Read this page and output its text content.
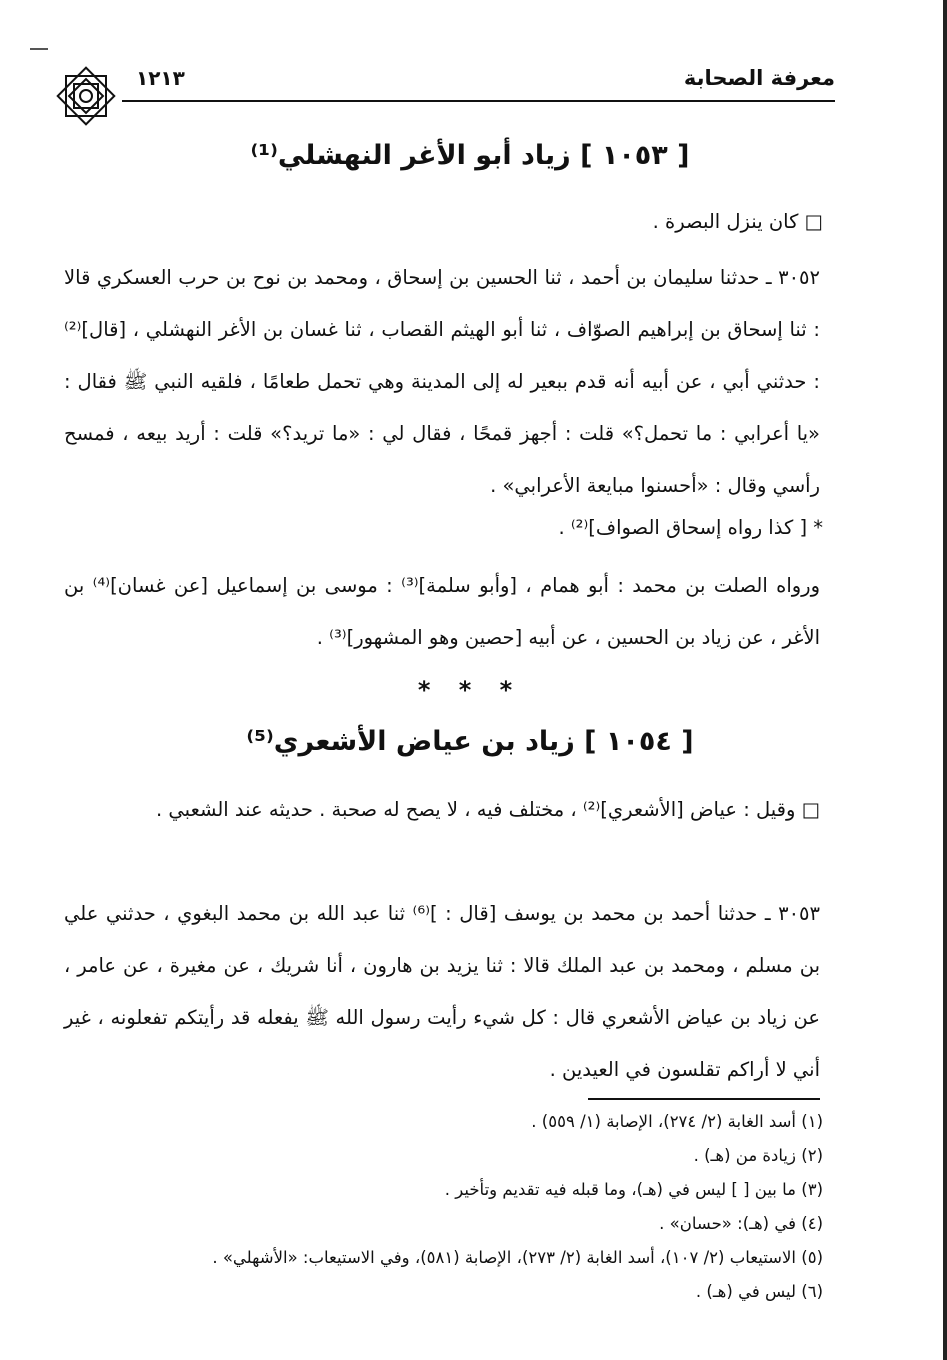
معرفة الصحابة
١٢١٣
[ ١٠٥٣ ] زياد أبو الأغر النهشلي⁽¹⁾
□ كان ينزل البصرة .
٣٠٥٢ ـ حدثنا سليمان بن أحمد ، ثنا الحسين بن إسحاق ، ومحمد بن نوح بن حرب العسكري قالا : ثنا إسحاق بن إبراهيم الصوّاف ، ثنا أبو الهيثم القصاب ، ثنا غسان بن الأغر النهشلي ، [قال]⁽²⁾ : حدثني أبي ، عن أبيه أنه قدم ببعير له إلى المدينة وهي تحمل طعامًا ، فلقيه النبي ﷺ فقال : «يا أعرابي : ما تحمل؟» قلت : أجهز قمحًا ، فقال لي : «ما تريد؟» قلت : أريد بيعه ، فمسح رأسي وقال : «أحسنوا مبايعة الأعرابي» .
* [ كذا رواه إسحاق الصواف]⁽²⁾ .
ورواه الصلت بن محمد : أبو همام ، [وأبو سلمة]⁽³⁾ : موسى بن إسماعيل [عن غسان]⁽⁴⁾ بن الأغر ، عن زياد بن الحسين ، عن أبيه [حصين وهو المشهور]⁽³⁾ .
* * *
[ ١٠٥٤ ] زياد بن عياض الأشعري⁽⁵⁾
□ وقيل : عياض [الأشعري]⁽²⁾ ، مختلف فيه ، لا يصح له صحبة . حديثه عند الشعبي .
٣٠٥٣ ـ حدثنا أحمد بن محمد بن يوسف [قال : ]⁽⁶⁾ ثنا عبد الله بن محمد البغوي ، حدثني علي بن مسلم ، ومحمد بن عبد الملك قالا : ثنا يزيد بن هارون ، أنا شريك ، عن مغيرة ، عن عامر ، عن زياد بن عياض الأشعري قال : كل شيء رأيت رسول الله ﷺ يفعله قد رأيتكم تفعلونه ، غير أني لا أراكم تقلسون في العيدين .
(١) أسد الغابة (٢/ ٢٧٤)، الإصابة (١/ ٥٥٩) .
(٢) زيادة من (هـ) .
(٣) ما بين [ ] ليس في (هـ)، وما قبله فيه تقديم وتأخير .
(٤) في (هـ): «حسان» .
(٥) الاستيعاب (٢/ ١٠٧)، أسد الغابة (٢/ ٢٧٣)، الإصابة (٥٨١)، وفي الاستيعاب: «الأشهلي» .
(٦) ليس في (هـ) .
